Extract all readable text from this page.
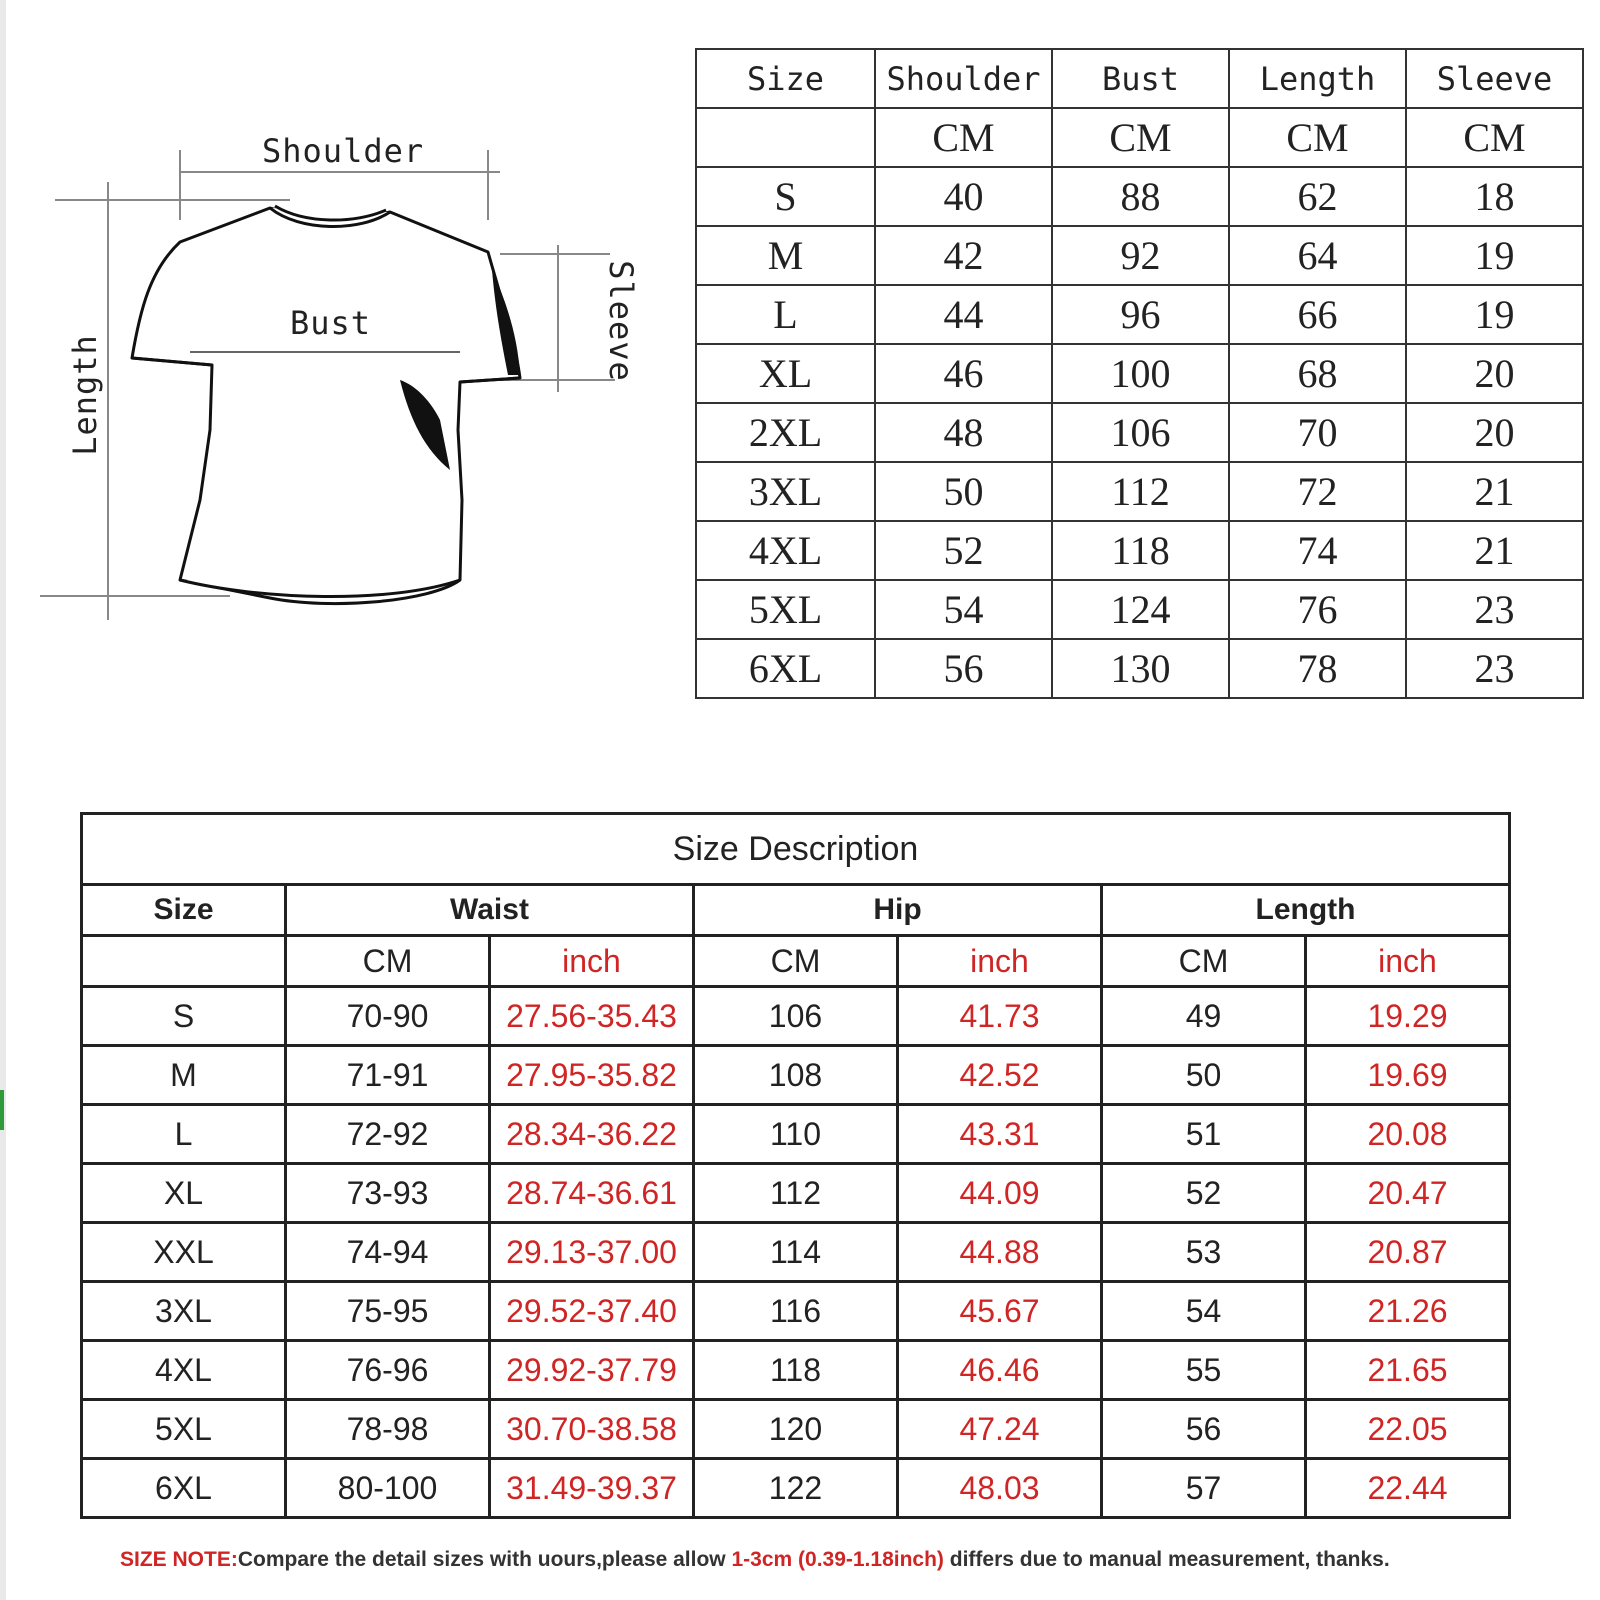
Shoulder
Bust	Sleeve
Length
Size	Shoulder	Bust	Length	Sleeve
	CM	CM	CM	CM
S	40	88	62	18
M	42	92	64	19
L	44	96	66	19
XL	46	100	68	20
2XL	48	106	70	20
3XL	50	112	72	21
4XL	52	118	74	21
5XL	54	124	76	23
6XL	56	130	78	23
Size Description						
Size	Waist		Hip		Length	
	CM	inch	CM	inch	CM	inch
S	70-90	27.56-35.43	106	41.73	49	19.29
M	71-91	27.95-35.82	108	42.52	50	19.69
L	72-92	28.34-36.22	110	43.31	51	20.08
XL	73-93	28.74-36.61	112	44.09	52	20.47
XXL	74-94	29.13-37.00	114	44.88	53	20.87
3XL	75-95	29.52-37.40	116	45.67	54	21.26
4XL	76-96	29.92-37.79	118	46.46	55	21.65
5XL	78-98	30.70-38.58	120	47.24	56	22.05
6XL	80-100	31.49-39.37	122	48.03	57	22.44
SIZE NOTE:Compare the detail sizes with uours,please allow 1-3cm (0.39-1.18inch) differs due to manual measurement, thanks.
